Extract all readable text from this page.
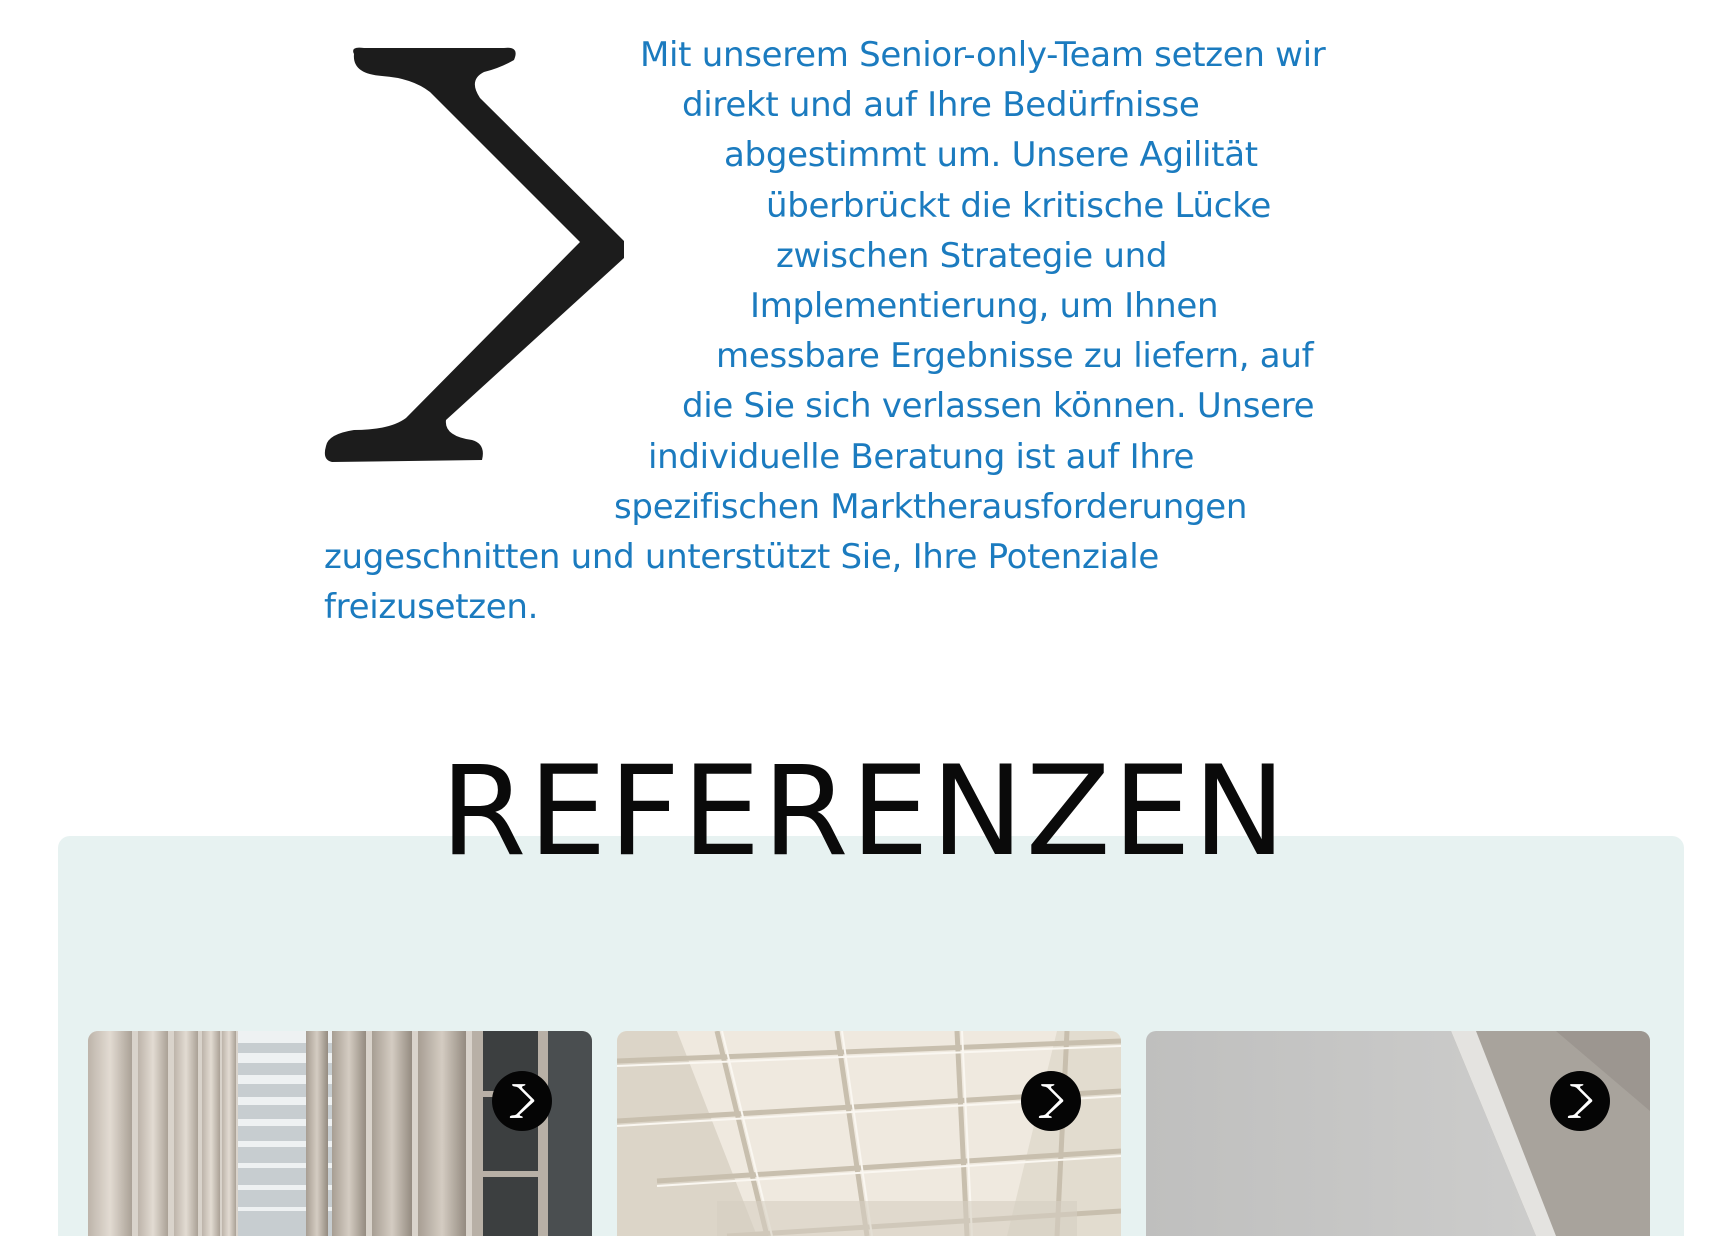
Mit unserem Senior-only-Team setzen wir
direkt und auf Ihre Bedürfnisse
abgestimmt um. Unsere Agilität
überbrückt die kritische Lücke
zwischen Strategie und
Implementierung, um Ihnen
messbare Ergebnisse zu liefern, auf
die Sie sich verlassen können. Unsere
individuelle Beratung ist auf Ihre
spezifischen Marktherausforderungen
zugeschnitten und unterstützt Sie, Ihre Potenziale
freizusetzen.
REFERENZEN
